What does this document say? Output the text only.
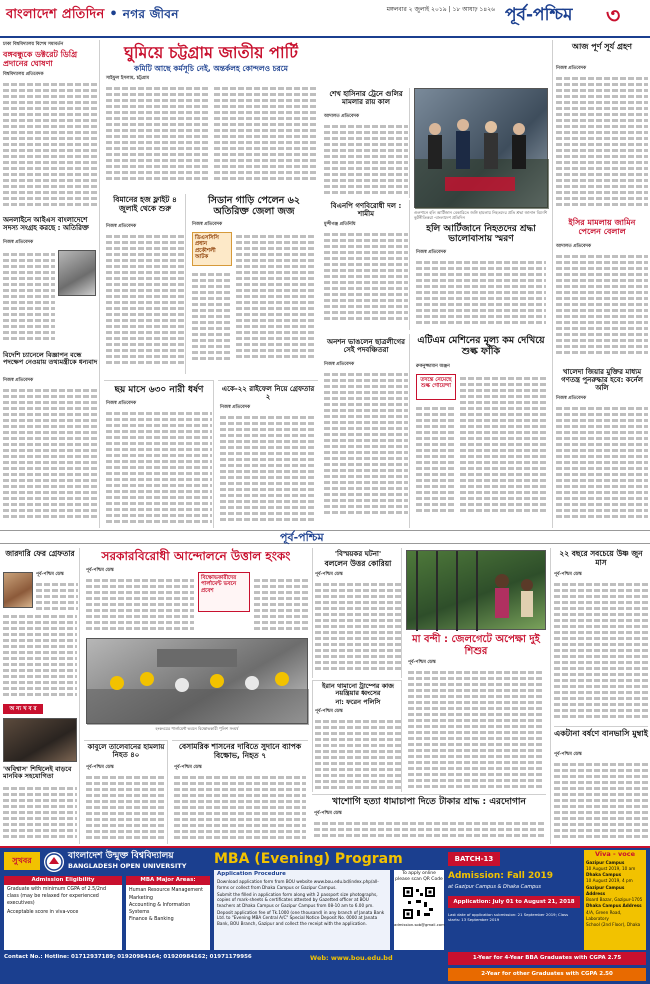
বাংলাদেশ প্রতিদিন • নগর জীবন	মঙ্গলবার ২ জুলাই ২০১৯ | ১৮ আষাঢ় ১৪২৬ পূর্ব-পশ্চিম ৩
ঢাকা বিশ্ববিদ্যালয় বিশেষ সমাবর্তন
বঙ্গবন্ধুকে ডক্টরেট ডিগ্রি প্রদানের ঘোষণা
বিশ্ববিদ্যালয় প্রতিবেদক
অনলাইনে আইএস বাংলাদেশে সদস্য সংগ্রহ করছে : অতিরিক্ত
নিজস্ব প্রতিবেদক
বিদেশি চ্যানেলে বিজ্ঞাপন বন্ধে পদক্ষেপ নেওয়ায় তথ্যমন্ত্রীকে ধন্যবাদ
নিজস্ব প্রতিবেদক
ঘুমিয়ে চট্টগ্রাম জাতীয় পার্টি
কমিটি আছে কর্মসূচি নেই, অন্তর্কলহ কোন্দলও চরমে
সাইফুল ইসলাম, চট্টগ্রাম
বিমানের হজ ফ্লাইট ৪ জুলাই থেকে শুরু
নিজস্ব প্রতিবেদক
সিডান গাড়ি পেলেন ৬২ অতিরিক্ত জেলা জজ
নিজস্ব প্রতিবেদক
ডিএসসিসি প্রধান প্রকৌশলী আটক
শেখ হাসিনার ট্রেনে গুলির মামলার রায় কাল
আদালত প্রতিবেদক
গুলশানে হলি আর্টিজান বেকারিতে জঙ্গি হামলায় নিহতদের প্রতি শ্রদ্ধা জানান বিদেশি কূটনীতিকরা -বাংলাদেশ প্রতিদিন
বিএনপি গণবিরোধী দল : শামীম
মুন্সীগঞ্জ প্রতিনিধি	হলি আর্টিজানে নিহতদের শ্রদ্ধা ভালোবাসায় স্মরণ
নিজস্ব প্রতিবেদক
আজ পূর্ণ সূর্য গ্রহণ
নিজস্ব প্রতিবেদক
ইসির মামলায় জামিন পেলেন বেলাল
আদালত প্রতিবেদক
খালেদা জিয়ার মুক্তির মাধ্যম গণতন্ত্র পুনরুদ্ধার হবে: কর্নেল অলি
নিজস্ব প্রতিবেদক
ছয় মাসে ৬৩০ নারী ধর্ষণ
নিজস্ব প্রতিবেদক
একে-২২ রাইফেল নিয়ে গ্রেফতার ২
নিজস্ব প্রতিবেদক
অনশন ভাঙলেন ছাত্রলীগের সেই পদবঞ্চিতরা
নিজস্ব প্রতিবেদক
এটিএম মেশিনের মূল্য কম দেখিয়ে শুল্ক ফাঁকি
রুকনুজ্জামান অঞ্জন
তদন্তে নেমেছে শুল্ক গোয়েন্দা
পূর্ব-পশ্চিম
জারদারি ফের গ্রেফতার
পূর্ব-পশ্চিম ডেস্ক
অ ন্য খ ব র
'অবিশ্বাস' শিথিলেই বাড়বে মানবিক সহযোগিতা
সরকারবিরোধী আন্দোলনে উত্তাল হংকং
পূর্ব-পশ্চিম ডেস্ক
বিক্ষোভকারীদের পার্লামেন্ট ভবনে প্রবেশ
হংকংয়ের পার্লামেন্ট ভবনে বিক্ষোভকারী পুলিশ সংঘর্ষ
কাবুলে তালেবানের হামলায় নিহত ৪০
পূর্ব-পশ্চিম ডেস্ক
বেসামরিক শাসনের দাবিতে সুদানে ব্যাপক বিক্ষোভ, নিহত ৭
পূর্ব-পশ্চিম ডেস্ক
'বিস্ময়কর ঘটনা'
বললেন উত্তর কোরিয়া
পূর্ব-পশ্চিম ডেস্ক
ইরান থামানো ট্রাম্পের কাজ নয়ন্ত্রিয়ার ধ্বংসের
না: ফরেন পলিসি
পূর্ব-পশ্চিম ডেস্ক
মা বন্দী : জেলগেটে অপেক্ষা দুই শিশুর
পূর্ব-পশ্চিম ডেস্ক
খাশোগি হত্যা ধামাচাপা দিতে টাকার শ্রাদ্ধ : এরদোগান
পূর্ব-পশ্চিম ডেস্ক
২২ বছরে সবচেয়ে উষ্ণ জুন মাস
পূর্ব-পশ্চিম ডেস্ক
একটানা বর্ষণে বানভাসি মুম্বাই
পূর্ব-পশ্চিম ডেস্ক
সুখবর	বাংলাদেশ উন্মুক্ত বিশ্ববিদ্যালয়
BANGLADESH OPEN UNIVERSITY
Admission Eligibility
Graduate with minimum CGPA of 2.5/2nd class (may be relaxed for experienced executives)
Acceptable score in viva-voce
MBA Major Areas:
Human Resource Management
Marketing
Accounting & Information Systems
Finance & Banking
MBA (Evening) Program	BATCH-13
Application Procedure
Download application form from BOU website www.bou.edu.bd/index.php/all-forms or collect from Dhaka Campus or Gazipur Campus.
Submit the filled in application form along with 2 passport size photographs, copies of mark-sheets & certificates attested by Gazetted officer at BOU teachers at Dhaka Campus or Gazipur Campus from 08-10 am to 6.00 pm.
Deposit application fee of Tk.1000 (one thousand) in any branch of Janata Bank Ltd. to "Evening MBA Central A/C" Special Notice Deposit No. 0000 at Janata Bank, BOU Branch, Gazipur and collect the receipt with the application.
To apply online please scan QR Code
admission.sob@gmail.com
Admission: Fall 2019
at Gazipur Campus & Dhaka Campus
Application: July 01 to August 21, 2018
Last date of application submission: 21 September 2019; Class starts: 13 September 2019
Viva - voce
Gazipur Campus
10 August 2019, 10 am
Dhaka Campus
10 August 2019, 4 pm
Gazipur Campus Address
Board Bazar, Gazipur-1705
Dhaka Campus Address
4/A, Green Road, Laboratory
School (2nd Floor), Dhaka
Contact No.: Hotline: 01712937189; 01920984164; 01920984162; 01971179956	Web: www.bou.edu.bd	1-Year for 4-Year BBA Graduates with CGPA 2.75
2-Year for other Graduates with CGPA 2.50
